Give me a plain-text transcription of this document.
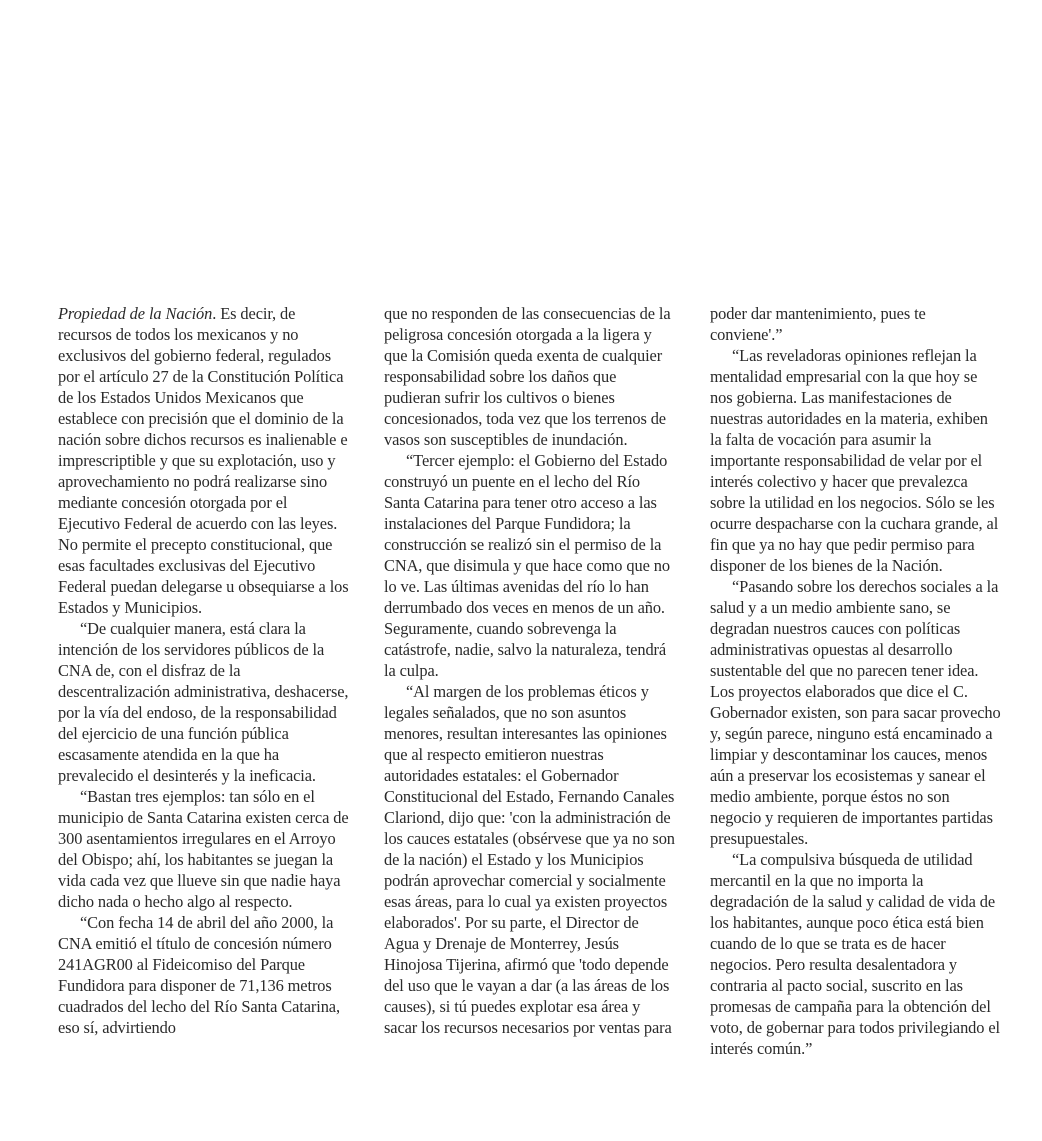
Propiedad de la Nación. Es decir, de recursos de todos los mexicanos y no exclusivos del gobierno federal, regulados por el artículo 27 de la Constitución Política de los Estados Unidos Mexicanos que establece con precisión que el dominio de la nación sobre dichos recursos es inalienable e imprescriptible y que su explotación, uso y aprovechamiento no podrá realizarse sino mediante concesión otorgada por el Ejecutivo Federal de acuerdo con las leyes. No permite el precepto constitucional, que esas facultades exclusivas del Ejecutivo Federal puedan delegarse u obsequiarse a los Estados y Municipios.

“De cualquier manera, está clara la intención de los servidores públicos de la CNA de, con el disfraz de la descentralización administrativa, deshacerse, por la vía del endoso, de la responsabilidad del ejercicio de una función pública escasamente atendida en la que ha prevalecido el desinterés y la ineficacia.

“Bastan tres ejemplos: tan sólo en el municipio de Santa Catarina existen cerca de 300 asentamientos irregulares en el Arroyo del Obispo; ahí, los habitantes se juegan la vida cada vez que llueve sin que nadie haya dicho nada o hecho algo al respecto.

“Con fecha 14 de abril del año 2000, la CNA emitió el título de concesión número 241AGR00 al Fideicomiso del Parque Fundidora para disponer de 71,136 metros cuadrados del lecho del Río Santa Catarina, eso sí, advirtiendo

que no responden de las consecuencias de la peligrosa concesión otorgada a la ligera y que la Comisión queda exenta de cualquier responsabilidad sobre los daños que pudieran sufrir los cultivos o bienes concesionados, toda vez que los terrenos de vasos son susceptibles de inundación.

“Tercer ejemplo: el Gobierno del Estado construyó un puente en el lecho del Río Santa Catarina para tener otro acceso a las instalaciones del Parque Fundidora; la construcción se realizó sin el permiso de la CNA, que disimula y que hace como que no lo ve. Las últimas avenidas del río lo han derrumbado dos veces en menos de un año. Seguramente, cuando sobrevenga la catástrofe, nadie, salvo la naturaleza, tendrá la culpa.

“Al margen de los problemas éticos y legales señalados, que no son asuntos menores, resultan interesantes las opiniones que al respecto emitieron nuestras autoridades estatales: el Gobernador Constitucional del Estado, Fernando Canales Clariond, dijo que: 'con la administración de los cauces estatales (obsérvese que ya no son de la nación) el Estado y los Municipios podrán aprovechar comercial y socialmente esas áreas, para lo cual ya existen proyectos elaborados'. Por su parte, el Director de Agua y Drenaje de Monterrey, Jesús Hinojosa Tijerina, afirmó que 'todo depende del uso que le vayan a dar (a las áreas de los causes), si tú puedes explotar esa área y sacar los recursos necesarios por ventas para

poder dar mantenimiento, pues te conviene'.”

“Las reveladoras opiniones reflejan la mentalidad empresarial con la que hoy se nos gobierna. Las manifestaciones de nuestras autoridades en la materia, exhiben la falta de vocación para asumir la importante responsabilidad de velar por el interés colectivo y hacer que prevalezca sobre la utilidad en los negocios. Sólo se les ocurre despacharse con la cuchara grande, al fin que ya no hay que pedir permiso para disponer de los bienes de la Nación.

“Pasando sobre los derechos sociales a la salud y a un medio ambiente sano, se degradan nuestros cauces con políticas administrativas opuestas al desarrollo sustentable del que no parecen tener idea. Los proyectos elaborados que dice el C. Gobernador existen, son para sacar provecho y, según parece, ninguno está encaminado a limpiar y descontaminar los cauces, menos aún a preservar los ecosistemas y sanear el medio ambiente, porque éstos no son negocio y requieren de importantes partidas presupuestales.

“La compulsiva búsqueda de utilidad mercantil en la que no importa la degradación de la salud y calidad de vida de los habitantes, aunque poco ética está bien cuando de lo que se trata es de hacer negocios. Pero resulta desalentadora y contraria al pacto social, suscrito en las promesas de campaña para la obtención del voto, de gobernar para todos privilegiando el interés común.”
